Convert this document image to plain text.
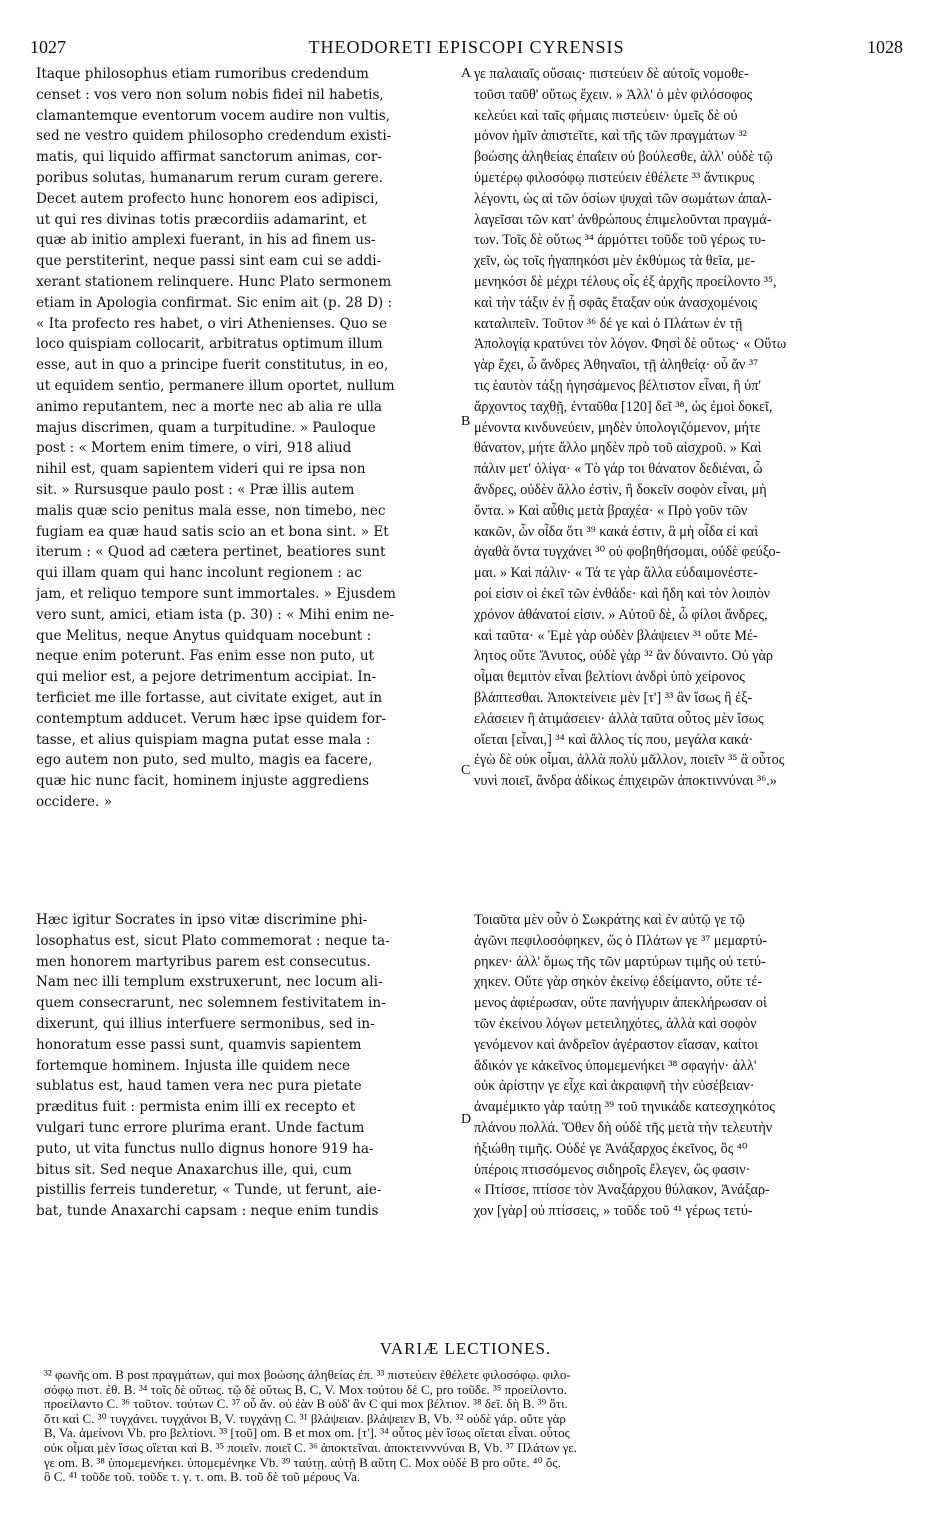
1027	THEODORETI EPISCOPI CYRENSIS	1028
Itaque philosophus etiam rumoribus credendum
censet : vos vero non solum nobis fidei nil habetis,
clamantemque eventorum vocem audire non vultis,
sed ne vestro quidem philosopho credendum existi-
matis, qui liquido affirmat sanctorum animas, cor-
poribus solutas, humanarum rerum curam gerere.
Decet autem profecto hunc honorem eos adipisci,
ut qui res divinas totis præcordiis adamarint, et
quæ ab initio amplexi fuerant, in his ad finem us-
que perstiterint, neque passi sint eam cui se addi-
xerant stationem relinquere. Hunc Plato sermonem
etiam in Apologia confirmat. Sic enim ait (p. 28 D) :
« Ita profecto res habet, o viri Athenienses. Quo se
loco quispiam collocarit, arbitratus optimum illum
esse, aut in quo a principe fuerit constitutus, in eo,
ut equidem sentio, permanere illum oportet, nullum
animo reputantem, nec a morte nec ab alia re ulla
majus discrimen, quam a turpitudine. » Pauloque
post : « Mortem enim timere, o viri, 918 aliud
nihil est, quam sapientem videri qui re ipsa non
sit. » Rursusque paulo post : « Præ illis autem
malis quæ scio penitus mala esse, non timebo, nec
fugiam ea quæ haud satis scio an et bona sint. » Et
iterum : « Quod ad cætera pertinet, beatiores sunt
qui illam quam qui hanc incolunt regionem : ac
jam, et reliquo tempore sunt immortales. » Ejusdem
vero sunt, amici, etiam ista (p. 30) : « Mihi enim ne-
que Melitus, neque Anytus quidquam nocebunt :
neque enim poterunt. Fas enim esse non puto, ut
qui melior est, a pejore detrimentum accipiat. In-
terficiet me ille fortasse, aut civitate exiget, aut in
contemptum adducet. Verum hæc ipse quidem for-
tasse, et alius quispiam magna putat esse mala :
ego autem non puto, sed multo, magis ea facere,
quæ hic nunc facit, hominem injuste aggrediens
occidere. »
Hæc igitur Socrates in ipso vitæ discrimine phi-
losophatus est, sicut Plato commemorat : neque ta-
men honorem martyribus parem est consecutus.
Nam nec illi templum exstruxerunt, nec locum ali-
quem consecrarunt, nec solemnem festivitatem in-
dixerunt, qui illius interfuere sermonibus, sed in-
honoratum esse passi sunt, quamvis sapientem
fortemque hominem. Injusta ille quidem nece
sublatus est, haud tamen vera nec pura pietate
præditus fuit : permista enim illi ex recepto et
vulgari tunc errore plurima erant. Unde factum
puto, ut vita functus nullo dignus honore 919 ha-
bitus sit. Sed neque Anaxarchus ille, qui, cum
pistillis ferreis tunderetur, « Tunde, ut ferunt, aie-
bat, tunde Anaxarchi capsam : neque enim tundis
γε παλαιαῖς οὔσαις· πιστεύειν δὲ αὐτοῖς νομοθε-
τοῦσι ταῦθ' οὕτως ἔχειν. » Ἀλλ' ὁ μὲν φιλόσοφος
κελεύει καὶ ταῖς φήμαις πιστεύειν· ὑμεῖς δὲ οὐ
μόνον ἡμῖν ἀπιστεῖτε, καὶ τῆς τῶν πραγμάτων ³²
βοώσης ἀληθείας ἐπαΐειν οὐ βούλεσθε, ἀλλ' οὐδὲ τῷ
ὑμετέρῳ φιλοσόφῳ πιστεύειν ἐθέλετε ³³ ἄντικρυς
λέγοντι, ὡς αἱ τῶν ὁσίων ψυχαὶ τῶν σωμάτων ἀπαλ-
λαγεῖσαι τῶν κατ' ἀνθρώπους ἐπιμελοῦνται πραγμά-
των. Τοῖς δὲ οὕτως ³⁴ ἁρμόττει τοῦδε τοῦ γέρως τυ-
χεῖν, ὡς τοῖς ἠγαπηκόσι μὲν ἐκθύμως τὰ θεῖα, με-
μενηκόσι δὲ μέχρι τέλους οἷς ἐξ ἀρχῆς προείλοντο ³⁵,
καὶ τὴν τάξιν ἐν ᾗ σφᾶς ἔταξαν οὐκ ἀνασχομένοις
καταλιπεῖν. Τοῦτον ³⁶ δέ γε καὶ ὁ Πλάτων ἐν τῇ
Ἀπολογίᾳ κρατύνει τὸν λόγον. Φησὶ δὲ οὕτως· « Οὕτω
γὰρ ἔχει, ὦ ἄνδρες Ἀθηναῖοι, τῇ ἀληθείᾳ· οὗ ἄν ³⁷
τις ἑαυτὸν τάξῃ ἡγησάμενος βέλτιστον εἶναι, ἢ ὑπ'
ἄρχοντος ταχθῇ, ἐνταῦθα [120] δεῖ ³⁸, ὡς ἐμοὶ δοκεῖ,
μένοντα κινδυνεύειν, μηδὲν ὑπολογιζόμενον, μήτε
θάνατον, μήτε ἄλλο μηδὲν πρὸ τοῦ αἰσχροῦ. » Καὶ
πάλιν μετ' ὀλίγα· « Τὸ γάρ τοι θάνατον δεδιέναι, ὦ
ἄνδρες, οὐδὲν ἄλλο ἐστὶν, ἢ δοκεῖν σοφὸν εἶναι, μὴ
ὄντα. » Καὶ αὖθις μετὰ βραχέα· « Πρὸ γοῦν τῶν
κακῶν, ὧν οἶδα ὅτι ³⁹ κακά ἐστιν, ἃ μὴ οἶδα εἰ καὶ
ἀγαθὰ ὄντα τυγχάνει ³⁰ οὐ φοβηθήσομαι, οὐδὲ φεύξο-
μαι. » Καὶ πάλιν· « Τά τε γὰρ ἄλλα εὐδαιμονέστε-
ροί εἰσιν οἱ ἐκεῖ τῶν ἐνθάδε· καὶ ἤδη καὶ τὸν λοιπὸν
χρόνον ἀθάνατοί εἰσιν. » Αὐτοῦ δὲ, ὦ φίλοι ἄνδρες,
καὶ ταῦτα· « Ἐμὲ γὰρ οὐδὲν βλάψειεν ³¹ οὔτε Μέ-
λητος οὔτε Ἄνυτος, οὐδὲ γὰρ ³² ἂν δύναιντο. Οὐ γὰρ
οἶμαι θεμιτὸν εἶναι βελτίονι ἀνδρὶ ὑπὸ χείρονος
βλάπτεσθαι. Ἀποκτείνειε μὲν [τ'] ³³ ἂν ἴσως ἢ ἐξ-
ελάσειεν ἢ ἀτιμάσειεν· ἀλλὰ ταῦτα οὗτος μὲν ἴσως
οἴεται [εἶναι,] ³⁴ καὶ ἄλλος τίς που, μεγάλα κακά·
ἐγὼ δὲ οὐκ οἶμαι, ἀλλὰ πολὺ μᾶλλον, ποιεῖν ³⁵ ἃ οὗτος
νυνὶ ποιεῖ, ἄνδρα ἀδίκως ἐπιχειρῶν ἀποκτιννύναι ³⁶.»
Τοιαῦτα μὲν οὖν ὁ Σωκράτης καὶ ἐν αὐτῷ γε τῷ
ἀγῶνι πεφιλοσόφηκεν, ὥς ὁ Πλάτων γε ³⁷ μεμαρτύ-
ρηκεν· ἀλλ' ὅμως τῆς τῶν μαρτύρων τιμῆς οὐ τετύ-
χηκεν. Οὔτε γὰρ σηκὸν ἐκείνῳ ἐδείμαντο, οὔτε τέ-
μενος ἀφιέρωσαν, οὔτε πανήγυριν ἀπεκλήρωσαν οἱ
τῶν ἐκείνου λόγων μετειληχότες, ἀλλὰ καὶ σοφὸν
γενόμενον καὶ ἀνδρεῖον ἀγέραστον εἴασαν, καίτοι
ἄδικόν γε κἀκεῖνος ὑπομεμενήκει ³⁸ σφαγήν· ἀλλ'
οὐκ ἀρίστην γε εἶχε καὶ ἀκραιφνῆ τὴν εὐσέβειαν·
ἀναμέμικτο γὰρ ταύτῃ ³⁹ τοῦ τηνικάδε κατεσχηκότος
πλάνου πολλά. Ὅθεν δὴ οὐδὲ τῆς μετὰ τὴν τελευτὴν
ἠξιώθη τιμῆς. Οὐδέ γε Ἀνάξαρχος ἐκεῖνος, ὃς ⁴⁰
ὑπέροις πτισσόμενος σιδηροῖς ἔλεγεν, ὥς φασιν·
« Πτίσσε, πτίσσε τὸν Ἀναξάρχου θύλακον, Ἀνάξαρ-
χον [γὰρ] οὐ πτίσσεις, » τοῦδε τοῦ ⁴¹ γέρως τετύ-
A
B
C
D
VARIÆ LECTIONES.
³² φωνῆς om. B post πραγμάτων, qui mox βοώσης ἀληθείας ἐπ. ³³ πιστεύειν ἐθέλετε φιλοσόφῳ. φιλο-
σόφῳ πιστ. ἐθ. B. ³⁴ τοῖς δὲ οὕτως. τῷ δὲ οὕτως B, C, V. Mox τούτου δὲ C, pro τοῦδε. ³⁵ προείλοντο.
προείλαντο C. ³⁶ τοῦτον. τούτων C. ³⁷ οὗ ἄν. οὐ ἐὰν B οὐδ' ἂν C qui mox βέλτιον. ³⁸ δεῖ. δὴ B. ³⁹ ὅτι.
ὅτι καὶ C. ³⁰ τυγχάνει. τυγχάνοι B, V. τυγχάνῃ C. ³¹ βλάψειαν. βλάψειεν B, Vb. ³² οὐδὲ γάρ. οὔτε γὰρ
B, Va. ἀμείνονι Vb. pro βελτίονι. ³³ [τοῦ] om. B et mox om. [τ']. ³⁴ οὗτος μὲν ἴσως οἴεται εἶναι. οὗτος
οὐκ οἶμαι μὲν ἴσως οἴεται καὶ B. ³⁵ ποιεῖν. ποιεῖ C. ³⁶ ἀποκτεῖναι. ἀποκτεινννύναι B, Vb. ³⁷ Πλάτων γε.
γε om. B. ³⁸ ὑπομεμενήκει. ὑπομεμένηκε Vb. ³⁹ ταύτῃ. αὐτῇ B αὕτη C. Mox οὐδὲ B pro οὔτε. ⁴⁰ ὅς.
ὃ C. ⁴¹ τοῦδε τοῦ. τοῦδε τ. γ. τ. om. B. τοῦ δὲ τοῦ μέρους Va.
